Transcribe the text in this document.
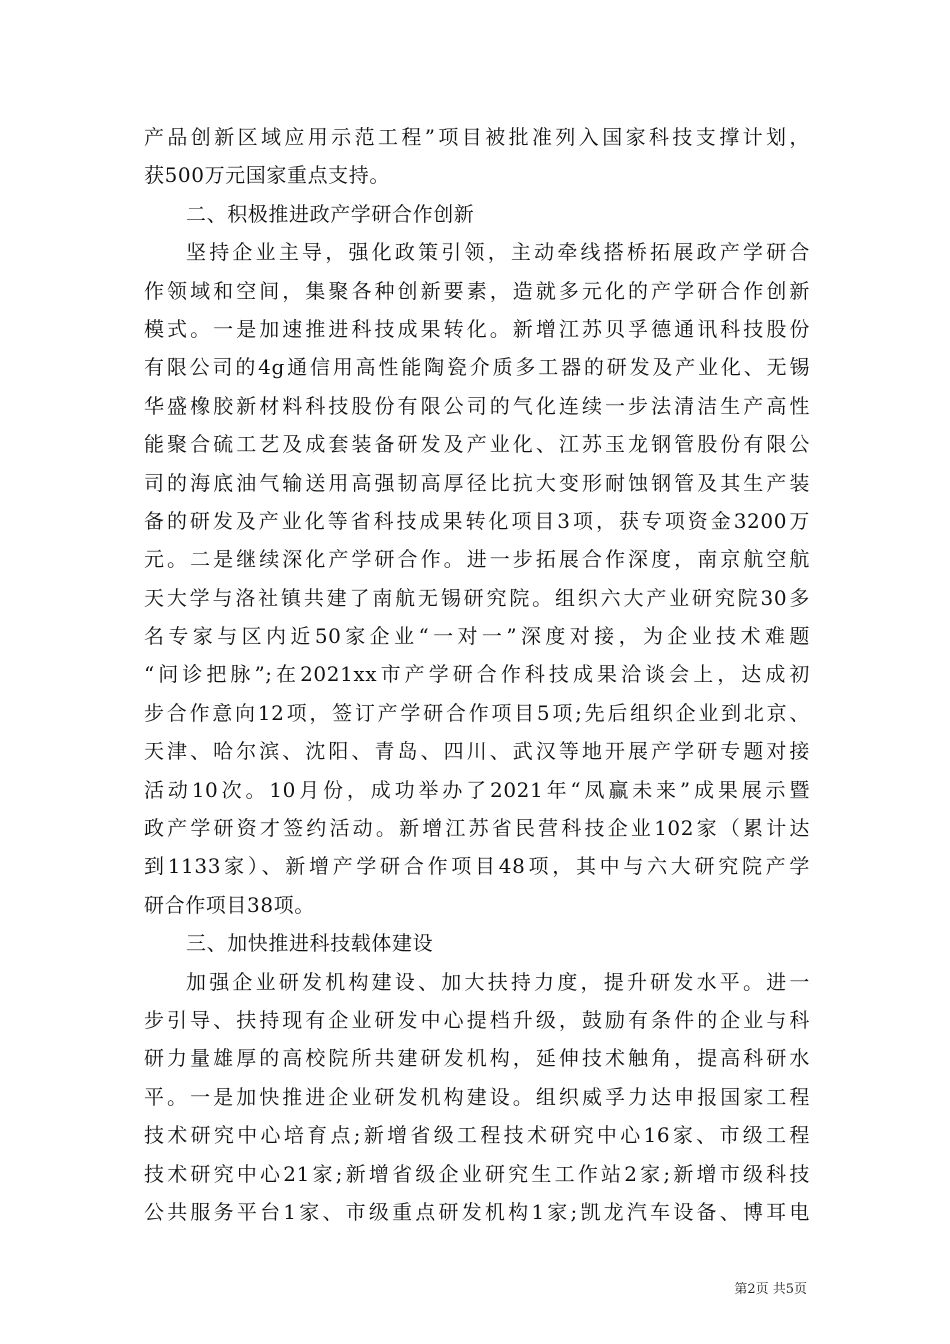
产品创新区域应用示范工程”项目被批准列入国家科技支撑计划，
获500万元国家重点支持。
二、积极推进政产学研合作创新
坚持企业主导，强化政策引领，主动牵线搭桥拓展政产学研合
作领域和空间，集聚各种创新要素，造就多元化的产学研合作创新
模式。一是加速推进科技成果转化。新增江苏贝孚德通讯科技股份
有限公司的4g通信用高性能陶瓷介质多工器的研发及产业化、无锡
华盛橡胶新材料科技股份有限公司的气化连续一步法清洁生产高性
能聚合硫工艺及成套装备研发及产业化、江苏玉龙钢管股份有限公
司的海底油气输送用高强韧高厚径比抗大变形耐蚀钢管及其生产装
备的研发及产业化等省科技成果转化项目3项，获专项资金3200万
元。二是继续深化产学研合作。进一步拓展合作深度，南京航空航
天大学与洛社镇共建了南航无锡研究院。组织六大产业研究院30多
名专家与区内近50家企业“一对一”深度对接，为企业技术难题
“问诊把脉”;在2021xx市产学研合作科技成果洽谈会上，达成初
步合作意向12项，签订产学研合作项目5项;先后组织企业到北京、
天津、哈尔滨、沈阳、青岛、四川、武汉等地开展产学研专题对接
活动10次。10月份，成功举办了2021年“凤赢未来”成果展示暨
政产学研资才签约活动。新增江苏省民营科技企业102家（累计达
到1133家）、新增产学研合作项目48项，其中与六大研究院产学
研合作项目38项。
三、加快推进科技载体建设
加强企业研发机构建设、加大扶持力度，提升研发水平。进一
步引导、扶持现有企业研发中心提档升级，鼓励有条件的企业与科
研力量雄厚的高校院所共建研发机构，延伸技术触角，提高科研水
平。一是加快推进企业研发机构建设。组织威孚力达申报国家工程
技术研究中心培育点;新增省级工程技术研究中心16家、市级工程
技术研究中心21家;新增省级企业研究生工作站2家;新增市级科技
公共服务平台1家、市级重点研发机构1家;凯龙汽车设备、博耳电
第2页 共5页
